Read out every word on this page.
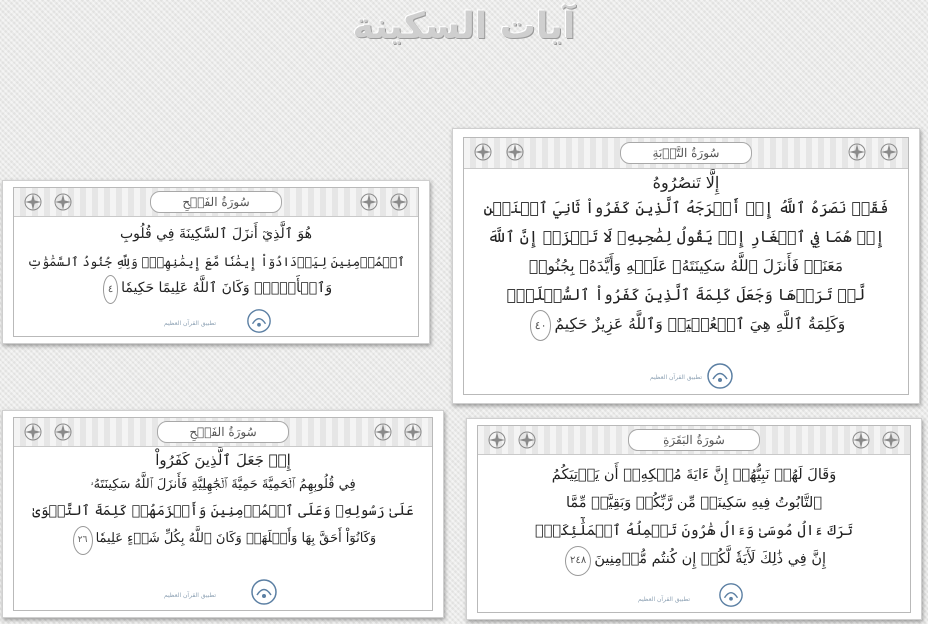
آيات السكينة
سُورَةُ التَّوۡبَةِ
إِلَّا تَنصُرُوهُ
فَقَدۡ نَصَرَهُ ٱللَّهُ إِذۡ أَخۡرَجَهُ ٱلَّذِينَ كَفَرُواْ ثَانِيَ ٱثۡنَيۡنِ
إِذۡ هُمَا فِي ٱلۡغَارِ إِذۡ يَقُولُ لِصَٰحِبِهِۦ لَا تَحۡزَنۡ إِنَّ ٱللَّهَ
مَعَنَاۖ فَأَنزَلَ ٱللَّهُ سَكِينَتَهُۥ عَلَيۡهِ وَأَيَّدَهُۥ بِجُنُودٖ
لَّمۡ تَرَوۡهَا وَجَعَلَ كَلِمَةَ ٱلَّذِينَ كَفَرُواْ ٱلسُّفۡلَىٰۗ
وَكَلِمَةُ ٱللَّهِ هِيَ ٱلۡعُلۡيَاۗ وَٱللَّهُ عَزِيزٌ حَكِيمٌ٤٠
تطبيق القرآن العظيم
سُورَةُ الفَتۡحِ
هُوَ ٱلَّذِيٓ أَنزَلَ ٱلسَّكِينَةَ فِي قُلُوبِ
ٱلۡمُؤۡمِنِينَ لِيَزۡدَادُوٓاْ إِيمَٰنٗا مَّعَ إِيمَٰنِهِمۡۗ وَلِلَّهِ جُنُودُ ٱلسَّمَٰوَٰتِ
وَٱلۡأَرۡضِۚ وَكَانَ ٱللَّهُ عَلِيمًا حَكِيمٗا٤
تطبيق القرآن العظيم
سُورَةُ الفَتۡحِ
إِذۡ جَعَلَ ٱلَّذِينَ كَفَرُواْ
فِي قُلُوبِهِمُ ٱلۡحَمِيَّةَ حَمِيَّةَ ٱلۡجَٰهِلِيَّةِ فَأَنزَلَ ٱللَّهُ سَكِينَتَهُۥ
عَلَىٰ رَسُولِهِۦ وَعَلَى ٱلۡمُؤۡمِنِينَ وَأَلۡزَمَهُمۡ كَلِمَةَ ٱلتَّقۡوَىٰ
وَكَانُوٓاْ أَحَقَّ بِهَا وَأَهۡلَهَاۚ وَكَانَ ٱللَّهُ بِكُلِّ شَيۡءٍ عَلِيمٗا٢٦
تطبيق القرآن العظيم
سُورَةُ البَقَرَةِ
وَقَالَ لَهُمۡ نَبِيُّهُمۡ إِنَّ ءَايَةَ مُلۡكِهِۦٓ أَن يَأۡتِيَكُمُ
ٱلتَّابُوتُ فِيهِ سَكِينَةٞ مِّن رَّبِّكُمۡ وَبَقِيَّةٞ مِّمَّا
تَرَكَ ءَالُ مُوسَىٰ وَءَالُ هَٰرُونَ تَحۡمِلُهُ ٱلۡمَلَٰٓئِكَةُۚ
إِنَّ فِي ذَٰلِكَ لَأٓيَةٗ لَّكُمۡ إِن كُنتُم مُّؤۡمِنِينَ٢٤٨
تطبيق القرآن العظيم
